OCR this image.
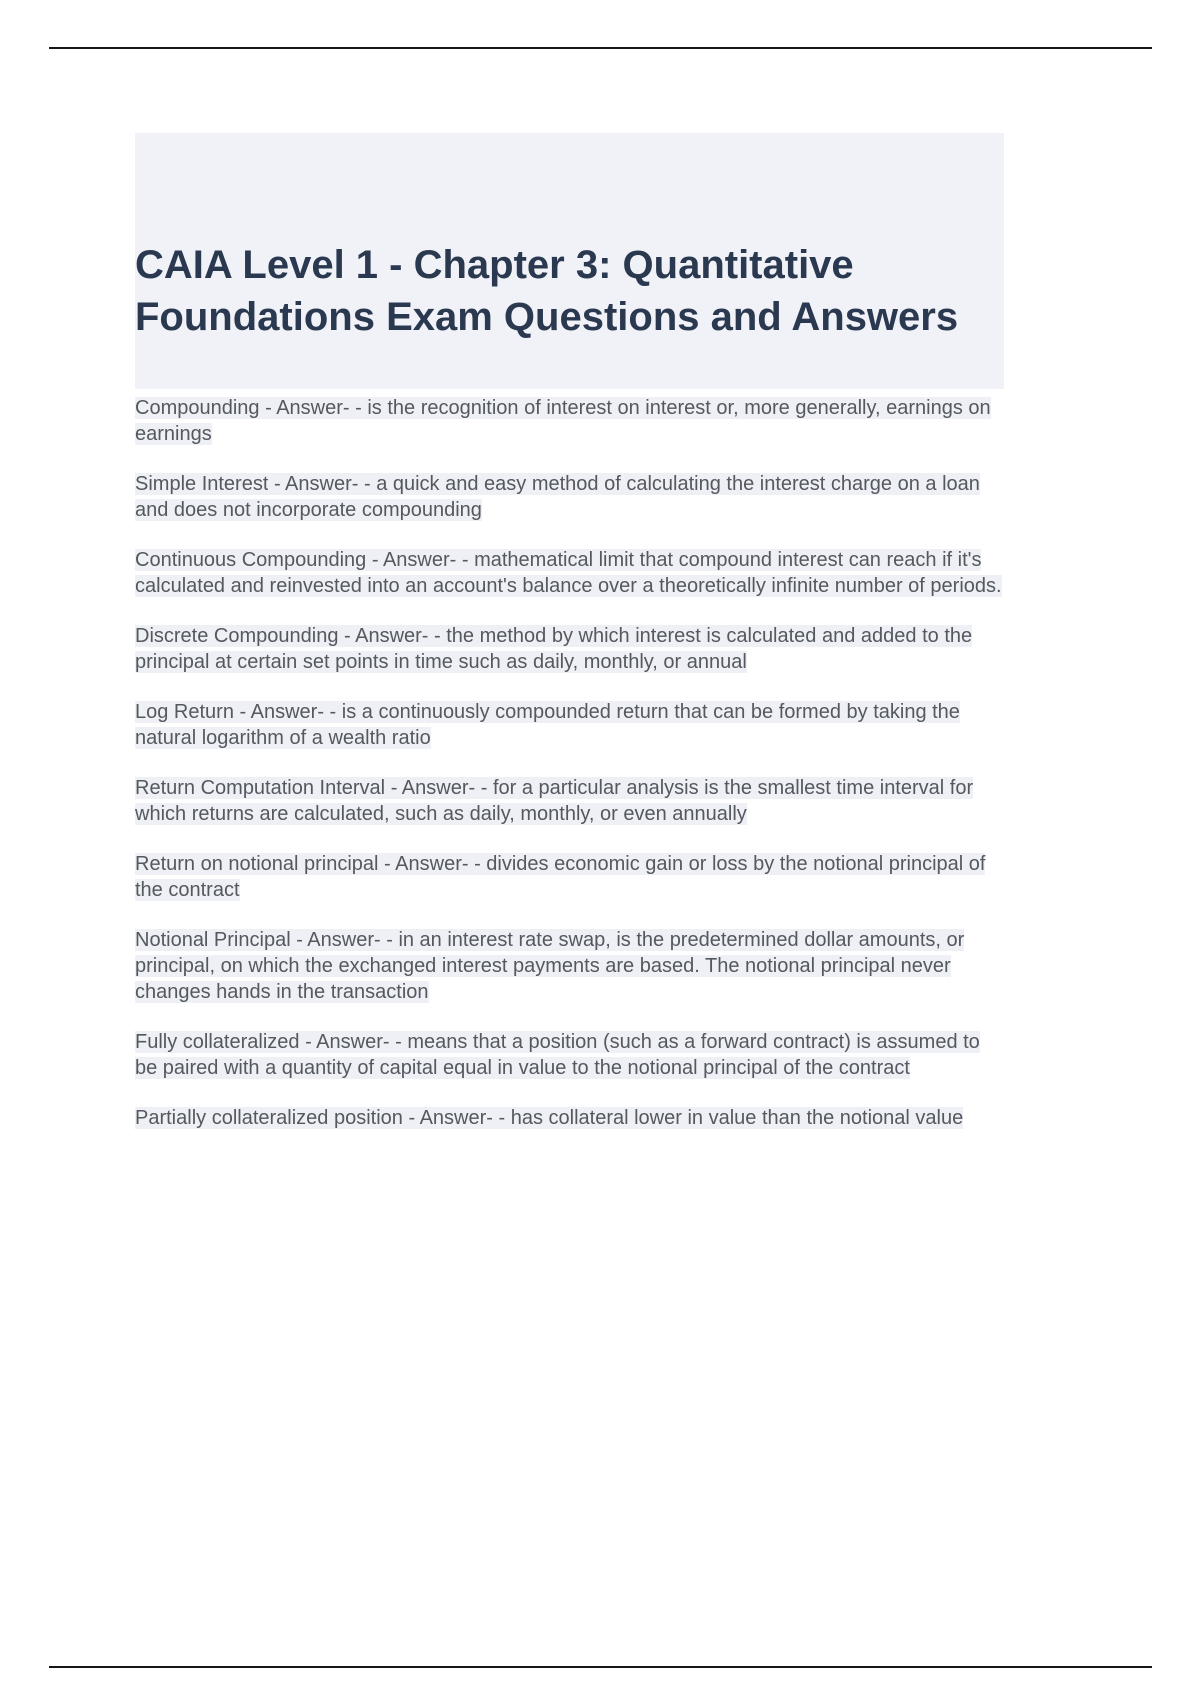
CAIA Level 1 - Chapter 3: Quantitative Foundations Exam Questions and Answers

Compounding - Answer- - is the recognition of interest on interest or, more generally, earnings on earnings

Simple Interest - Answer- - a quick and easy method of calculating the interest charge on a loan and does not incorporate compounding

Continuous Compounding - Answer- - mathematical limit that compound interest can reach if it's calculated and reinvested into an account's balance over a theoretically infinite number of periods.

Discrete Compounding - Answer- - the method by which interest is calculated and added to the principal at certain set points in time such as daily, monthly, or annual

Log Return - Answer- - is a continuously compounded return that can be formed by taking the natural logarithm of a wealth ratio

Return Computation Interval - Answer- - for a particular analysis is the smallest time interval for which returns are calculated, such as daily, monthly, or even annually

Return on notional principal - Answer- - divides economic gain or loss by the notional principal of the contract

Notional Principal - Answer- - in an interest rate swap, is the predetermined dollar amounts, or principal, on which the exchanged interest payments are based. The notional principal never changes hands in the transaction

Fully collateralized - Answer- - means that a position (such as a forward contract) is assumed to be paired with a quantity of capital equal in value to the notional principal of the contract

Partially collateralized position - Answer- - has collateral lower in value than the notional value
